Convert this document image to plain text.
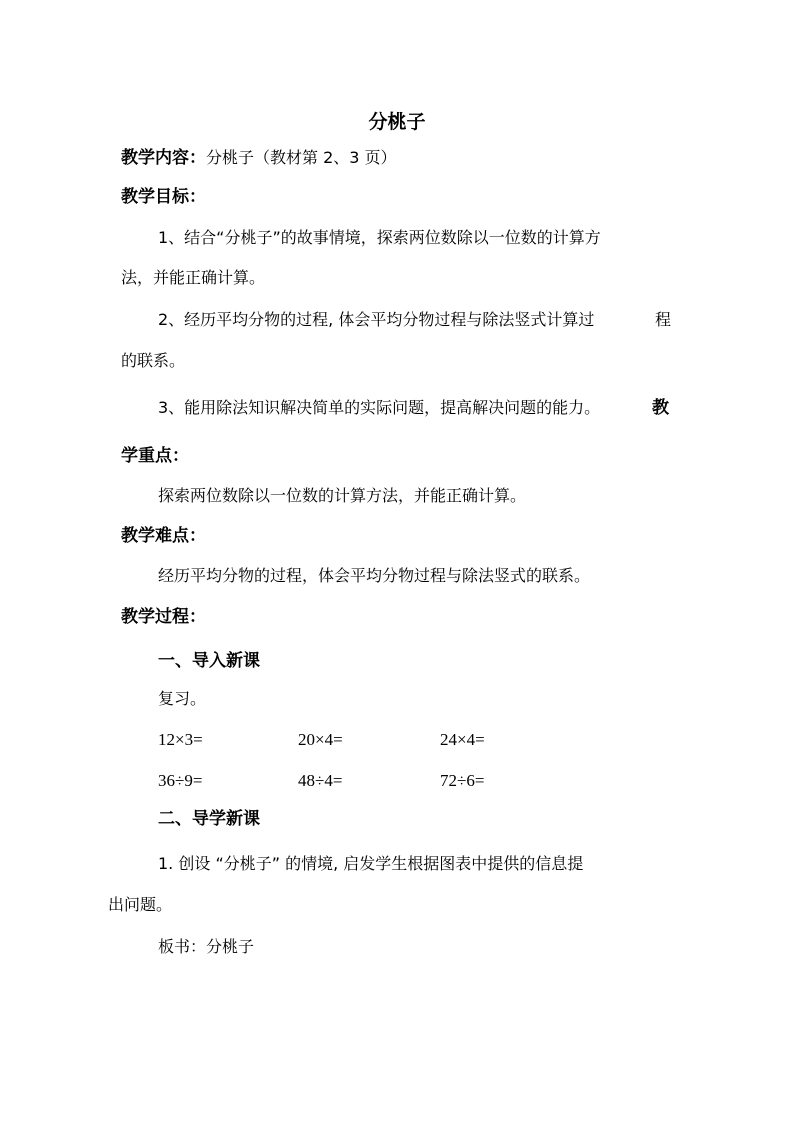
分桃子
教学内容：分桃子（教材第 2、3 页）
教学目标：
1、结合“分桃子”的故事情境，探索两位数除以一位数的计算方
法，并能正确计算。
2、经历平均分物的过程, 体会平均分物过程与除法竖式计算过	程
的联系。
3、能用除法知识解决简单的实际问题，提高解决问题的能力。	教
学重点：
探索两位数除以一位数的计算方法，并能正确计算。
教学难点：
经历平均分物的过程，体会平均分物过程与除法竖式的联系。
教学过程：
一、导入新课
复习。
12×3=	20×4=	24×4=
36÷9=	48÷4=	72÷6=
二、导学新课
1. 创设 “分桃子” 的情境, 启发学生根据图表中提供的信息提
出问题。
板书：分桃子
